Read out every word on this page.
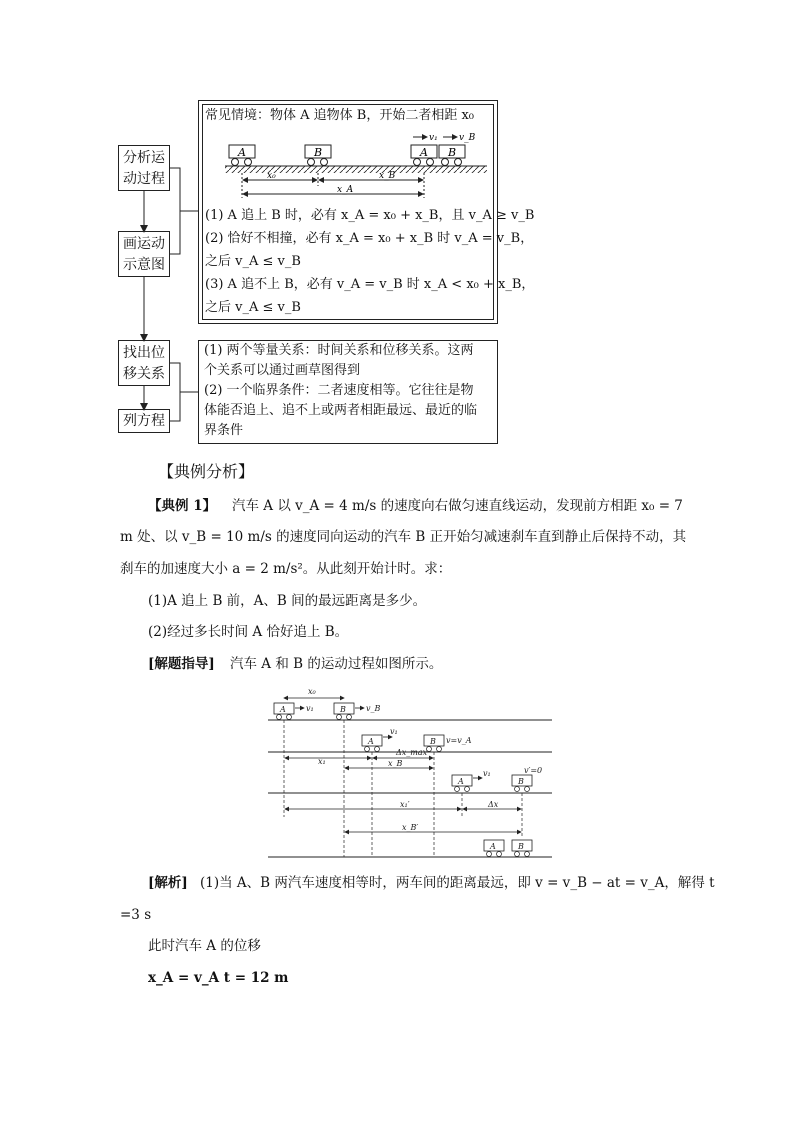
分析运
动过程
画运动
示意图
找出位
移关系
列方程
常见情境：物体 A 追物体 B，开始二者相距 x₀
A	B	A B
v₁ v_B
x₀	x_B
x_A
(1) A 追上 B 时，必有 x_A = x₀ + x_B，且 v_A ≥ v_B
(2) 恰好不相撞，必有 x_A = x₀ + x_B 时 v_A = v_B，
之后 v_A ≤ v_B
(3) A 追不上 B，必有 v_A = v_B 时 x_A < x₀ + x_B，
之后 v_A ≤ v_B
(1) 两个等量关系：时间关系和位移关系。这两
个关系可以通过画草图得到
(2) 一个临界条件：二者速度相等。它往往是物
体能否追上、追不上或两者相距最远、最近的临
界条件
【典例分析】
【典例 1】 汽车 A 以 v_A = 4 m/s 的速度向右做匀速直线运动，发现前方相距 x₀ = 7
m 处、以 v_B = 10 m/s 的速度同向运动的汽车 B 正开始匀减速刹车直到静止后保持不动，其
刹车的加速度大小 a = 2 m/s²。从此刻开始计时。求：
(1)A 追上 B 前，A、B 间的最远距离是多少。
(2)经过多长时间 A 恰好追上 B。
[解题指导] 汽车 A 和 B 的运动过程如图所示。
x₀
A	v₁	B	v_B
A
v₁
B v=v_A
x₁
Δx_max
x_B
A
v₁
B
v′=0
x₁′	Δx
x_B′
A	B
[解析] (1)当 A、B 两汽车速度相等时，两车间的距离最远，即 v = v_B − at = v_A，解得 t
=3 s
此时汽车 A 的位移
x_A = v_A t = 12 m
